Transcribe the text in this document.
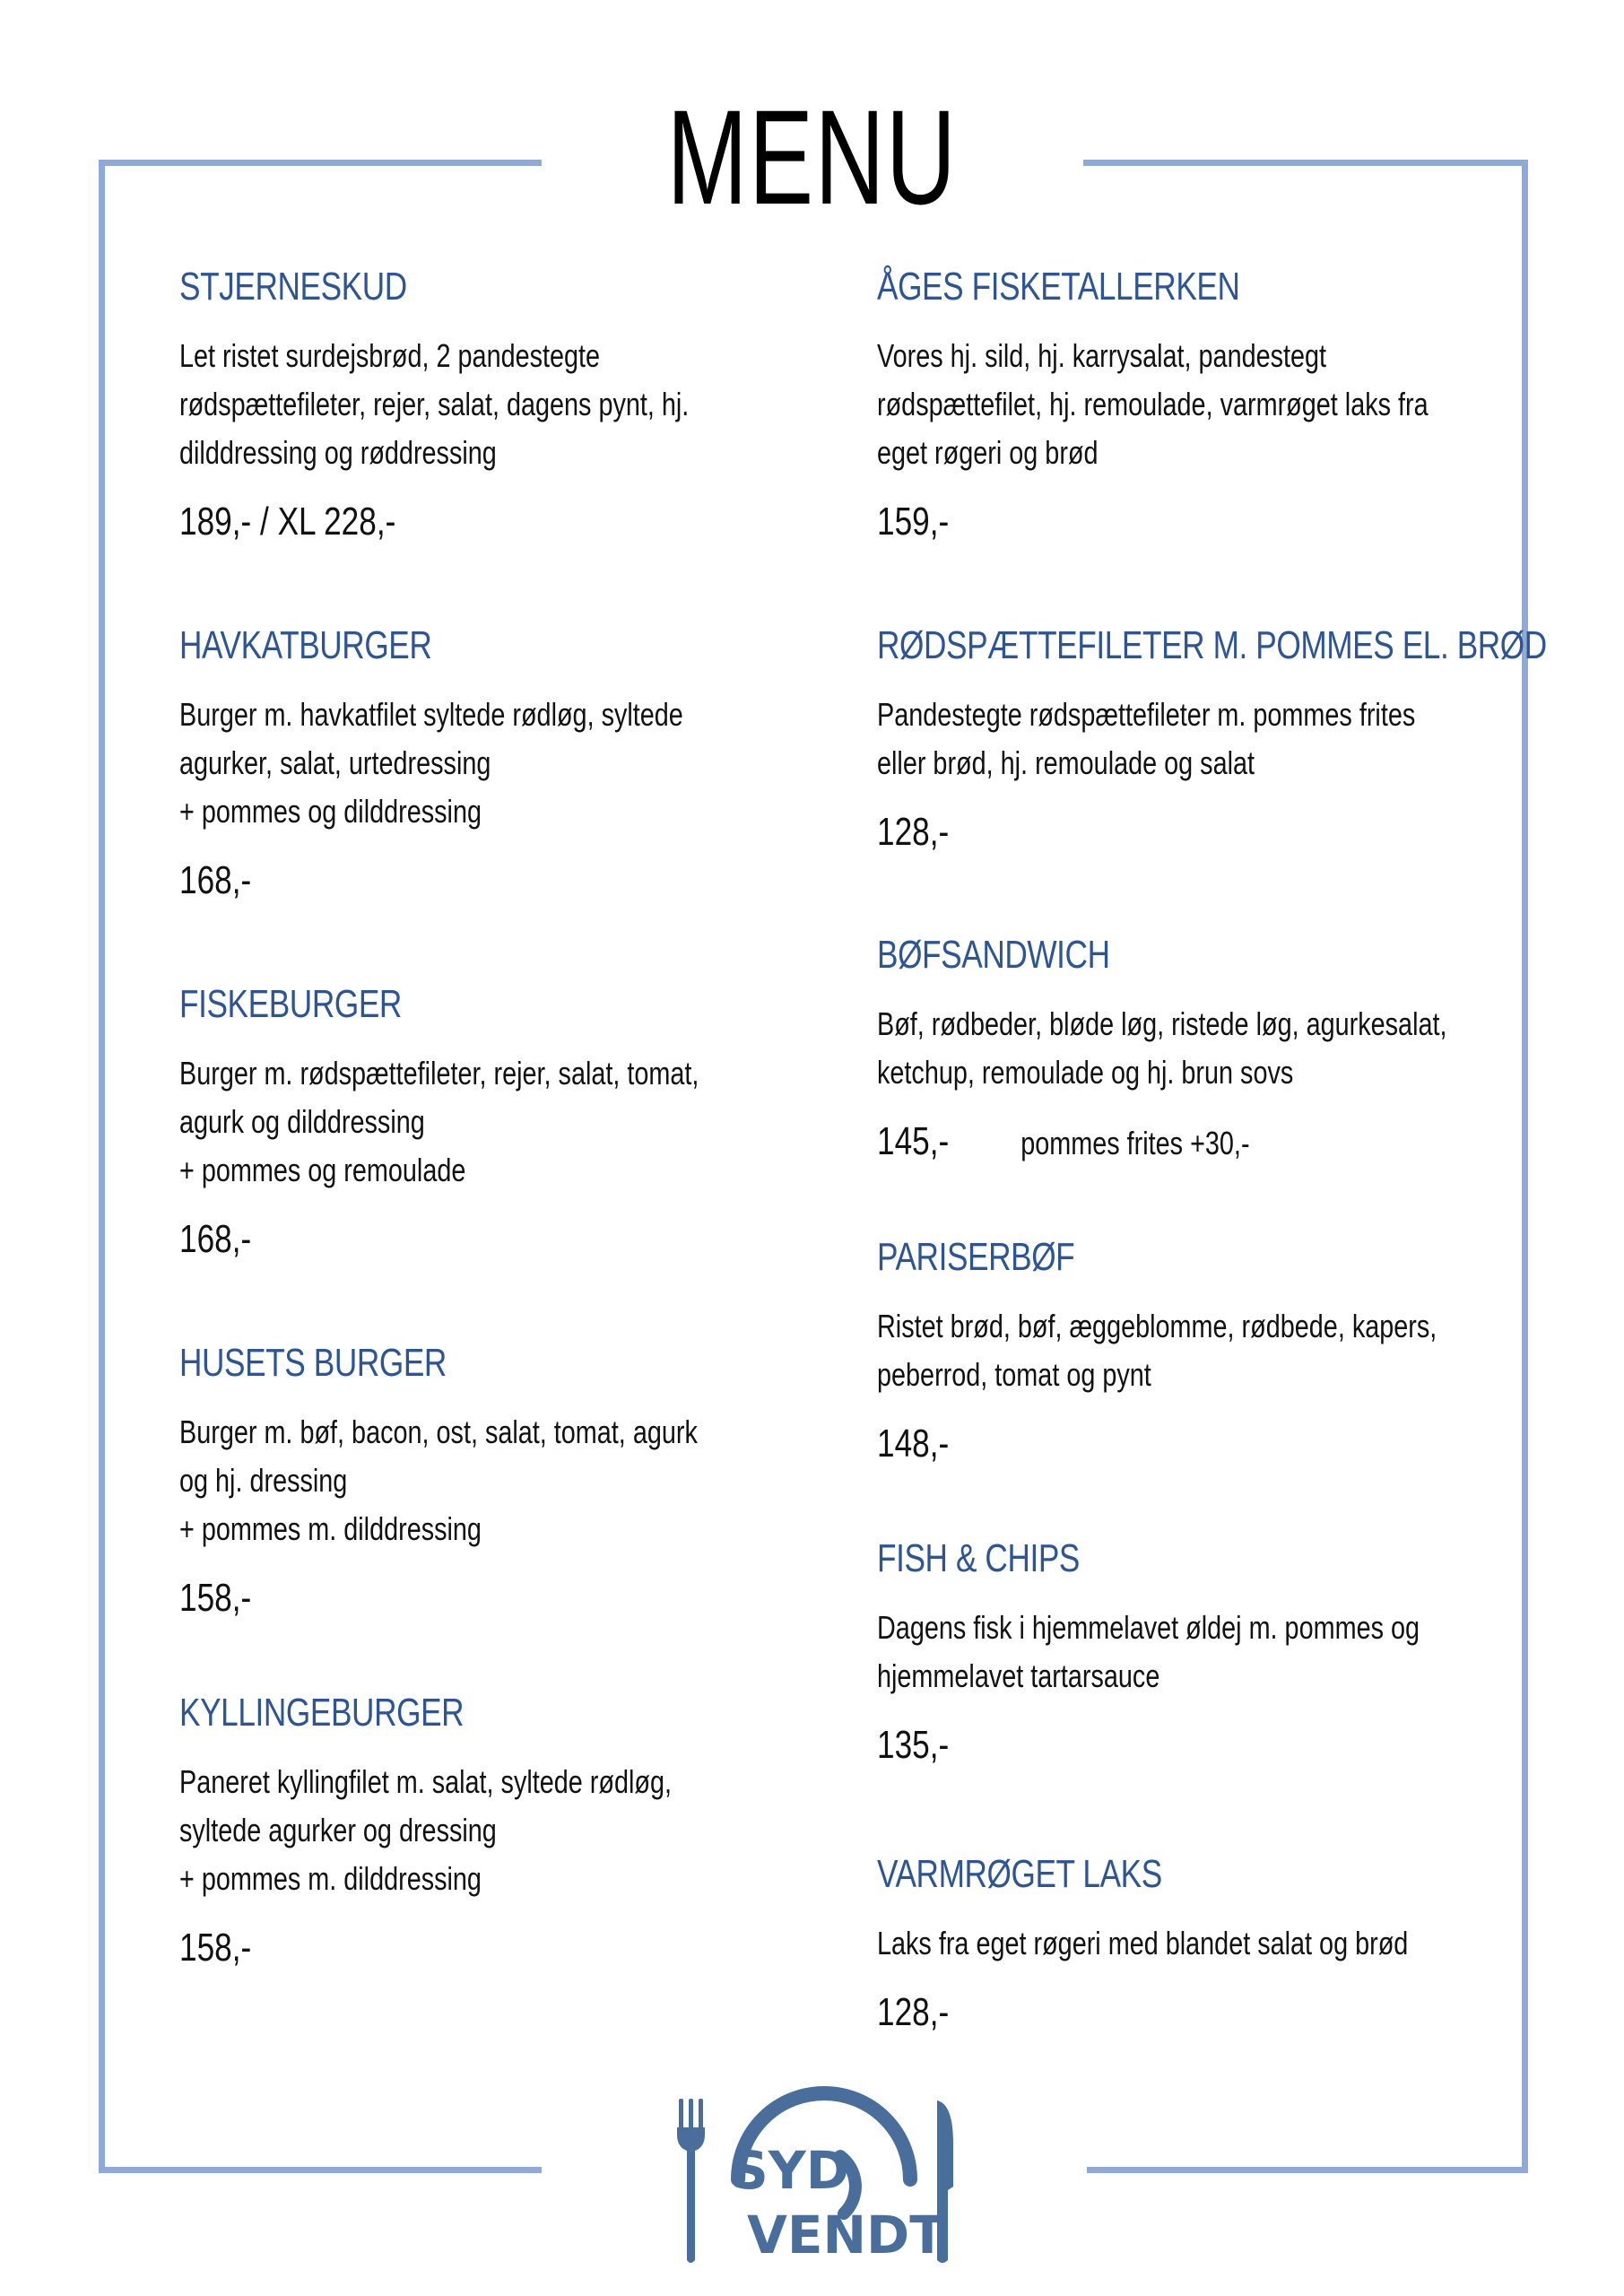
MENU
STJERNESKUD
Let ristet surdejsbrød, 2 pandestegte
rødspættefileter, rejer, salat, dagens pynt, hj.
dilddressing og røddressing
189,- / XL 228,-
HAVKATBURGER
Burger m. havkatfilet syltede rødløg, syltede
agurker, salat, urtedressing
+ pommes og dilddressing
168,-
FISKEBURGER
Burger m. rødspættefileter, rejer, salat, tomat,
agurk og dilddressing
+ pommes og remoulade
168,-
HUSETS BURGER
Burger m. bøf, bacon, ost, salat, tomat, agurk
og hj. dressing
+ pommes m. dilddressing
158,-
KYLLINGEBURGER
Paneret kyllingfilet m. salat, syltede rødløg,
syltede agurker og dressing
+ pommes m. dilddressing
158,-
ÅGES FISKETALLERKEN
Vores hj. sild, hj. karrysalat, pandestegt
rødspættefilet, hj. remoulade, varmrøget laks fra
eget røgeri og brød
159,-
RØDSPÆTTEFILETER M. POMMES EL. BRØD
Pandestegte rødspættefileter m. pommes frites
eller brød, hj. remoulade og salat
128,-
BØFSANDWICH
Bøf, rødbeder, bløde løg, ristede løg, agurkesalat,
ketchup, remoulade og hj. brun sovs
145,- pommes frites +30,-
PARISERBØF
Ristet brød, bøf, æggeblomme, rødbede, kapers,
peberrod, tomat og pynt
148,-
FISH & CHIPS
Dagens fisk i hjemmelavet øldej m. pommes og
hjemmelavet tartarsauce
135,-
VARMRØGET LAKS
Laks fra eget røgeri med blandet salat og brød
128,-
SYD
VENDT
